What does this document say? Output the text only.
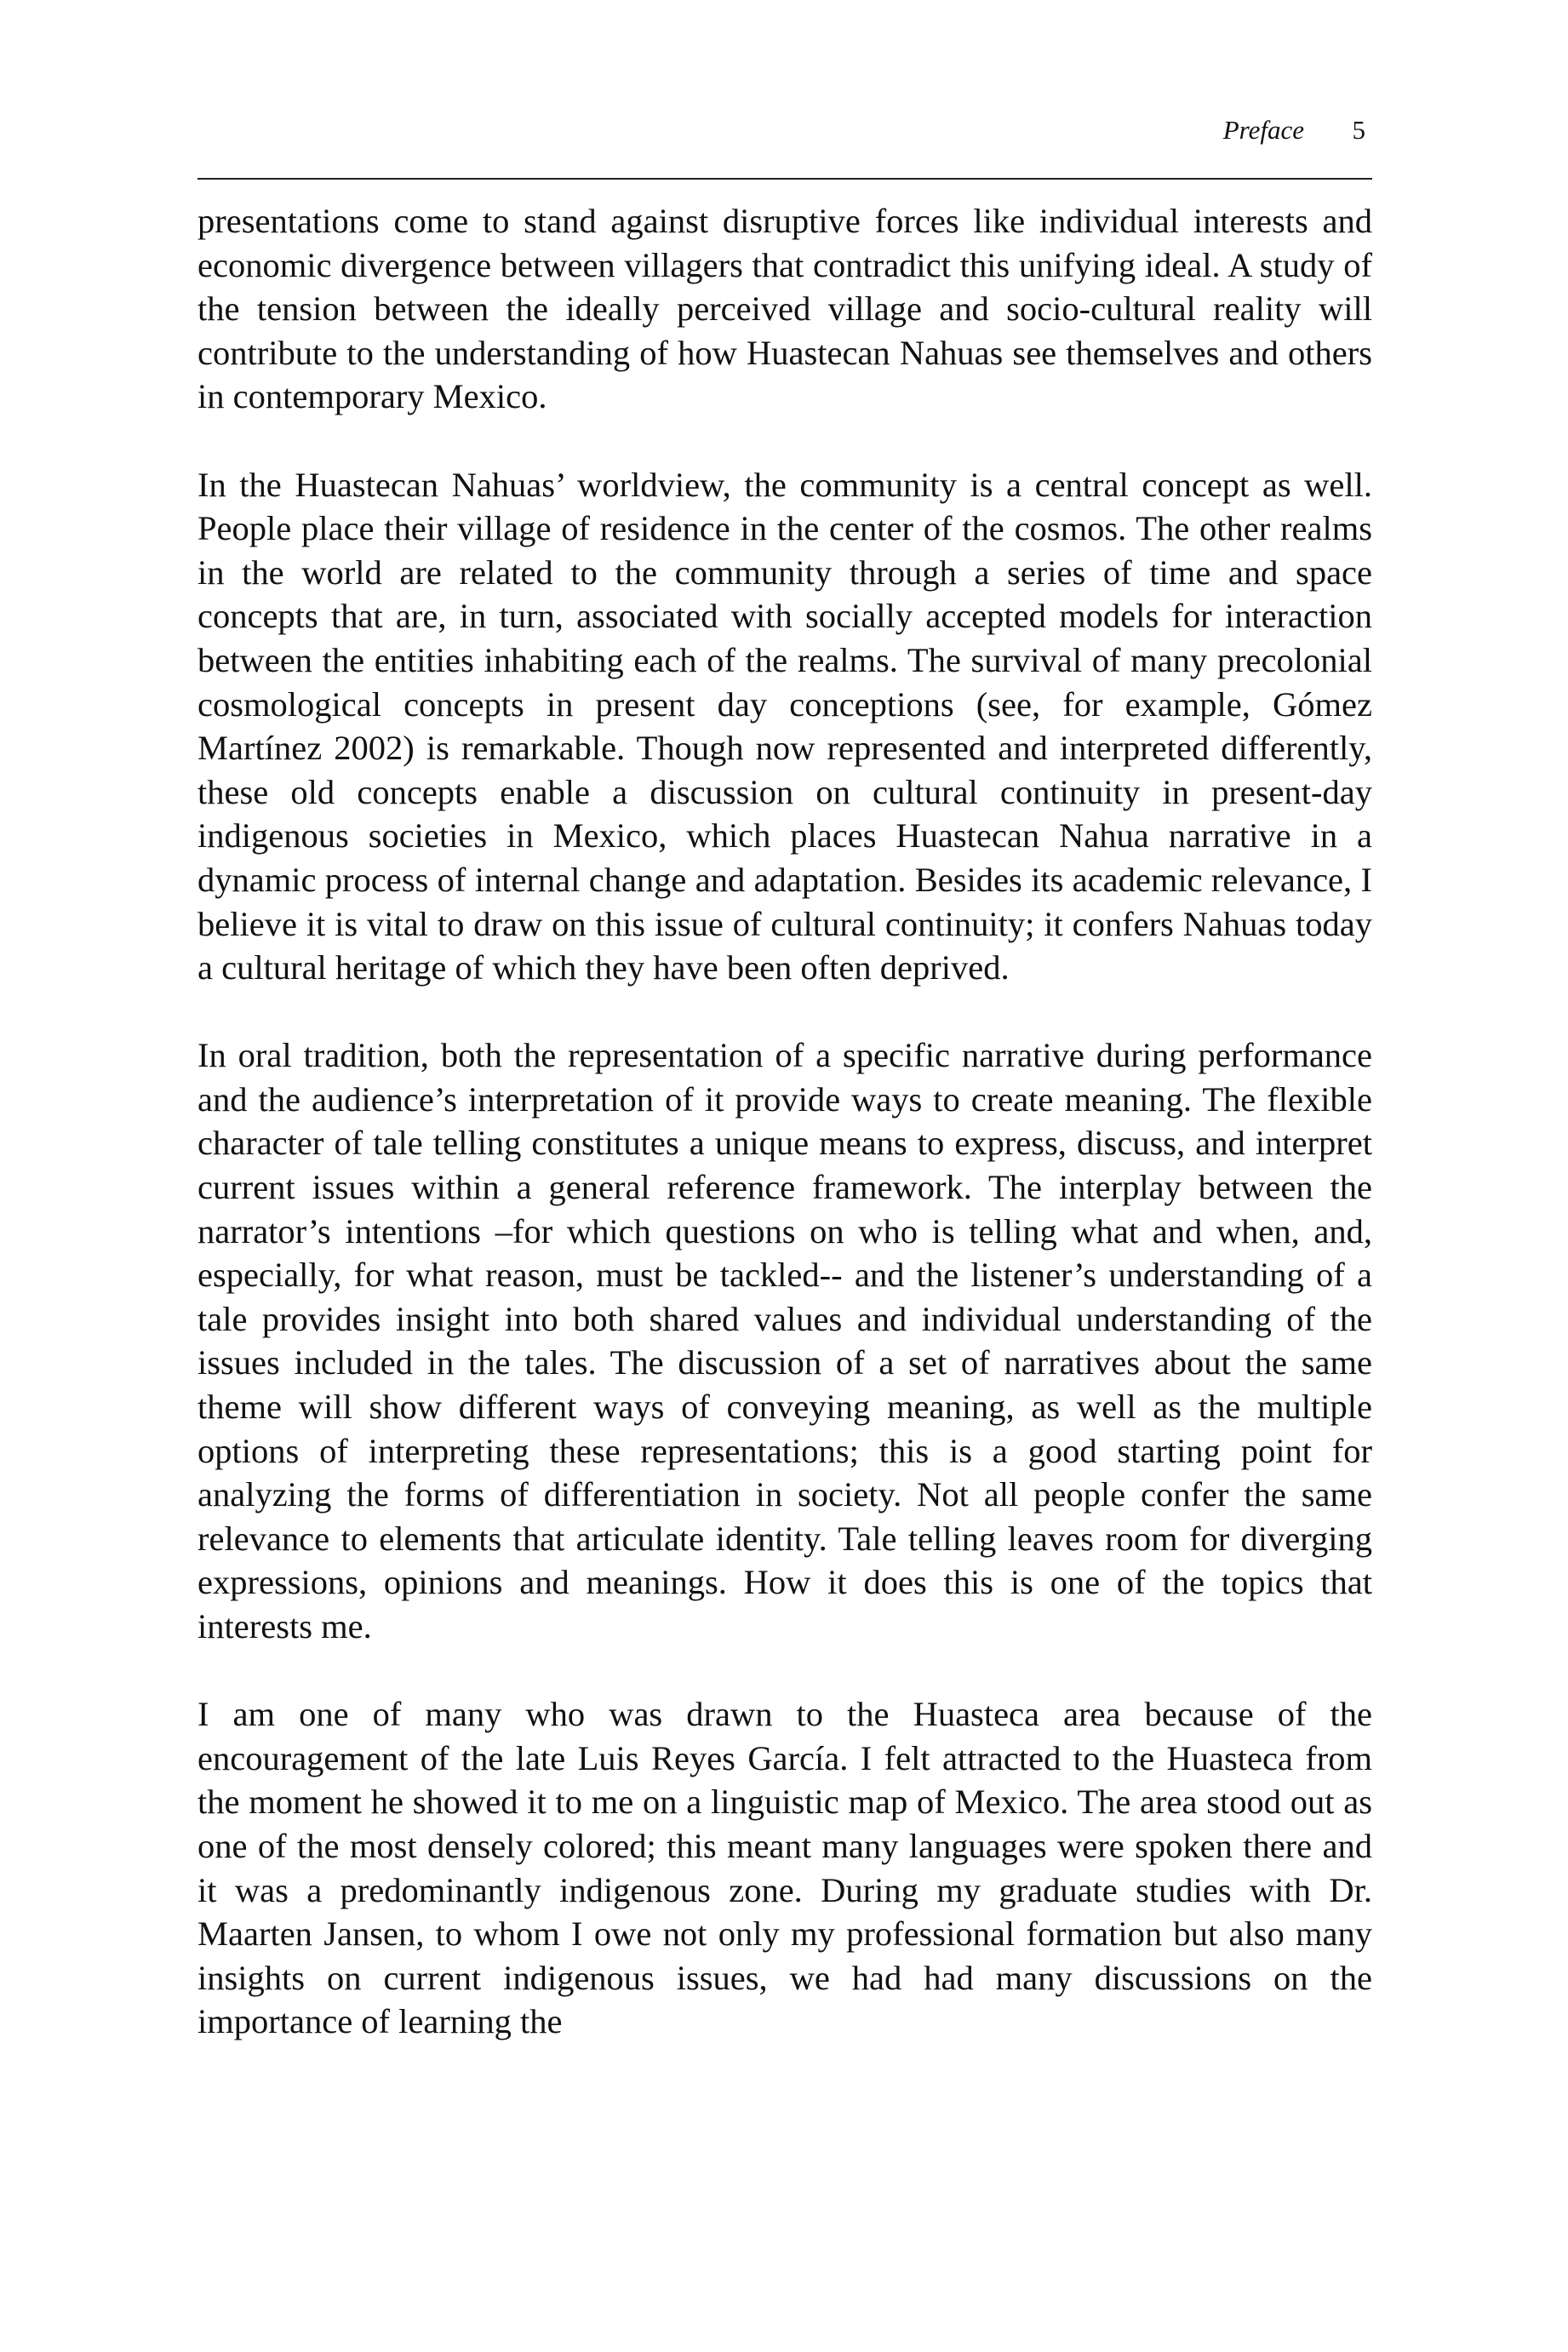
Preface 5

presentations come to stand against disruptive forces like individual interests and economic divergence between villagers that contradict this unifying ideal. A study of the tension between the ideally perceived village and socio-cultural reality will contribute to the understanding of how Huastecan Nahuas see themselves and others in contemporary Mexico.

In the Huastecan Nahuas’ worldview, the community is a central concept as well. People place their village of residence in the center of the cosmos. The other realms in the world are related to the community through a series of time and space concepts that are, in turn, associated with socially accepted models for interaction between the entities inhabiting each of the realms. The survival of many precolonial cosmological concepts in present day conceptions (see, for example, Gómez Martínez 2002) is remarkable. Though now represented and interpreted differently, these old concepts enable a discussion on cultural continuity in present-day indigenous societies in Mexico, which places Huastecan Nahua narrative in a dynamic process of internal change and adaptation. Besides its academic relevance, I believe it is vital to draw on this issue of cultural continuity; it confers Nahuas today a cultural heritage of which they have been often deprived.

In oral tradition, both the representation of a specific narrative during performance and the audience’s interpretation of it provide ways to create meaning. The flexible character of tale telling constitutes a unique means to express, discuss, and interpret current issues within a general reference framework. The interplay between the narrator’s intentions –for which questions on who is telling what and when, and, especially, for what reason, must be tackled-- and the listener’s understanding of a tale provides insight into both shared values and individual understanding of the issues included in the tales. The discussion of a set of narratives about the same theme will show different ways of conveying meaning, as well as the multiple options of interpreting these representations; this is a good starting point for analyzing the forms of differentiation in society. Not all people confer the same relevance to elements that articulate identity. Tale telling leaves room for diverging expressions, opinions and meanings. How it does this is one of the topics that interests me.

I am one of many who was drawn to the Huasteca area because of the encouragement of the late Luis Reyes García. I felt attracted to the Huasteca from the moment he showed it to me on a linguistic map of Mexico. The area stood out as one of the most densely colored; this meant many languages were spoken there and it was a predominantly indigenous zone. During my graduate studies with Dr. Maarten Jansen, to whom I owe not only my professional formation but also many insights on current indigenous issues, we had had many discussions on the importance of learning the
